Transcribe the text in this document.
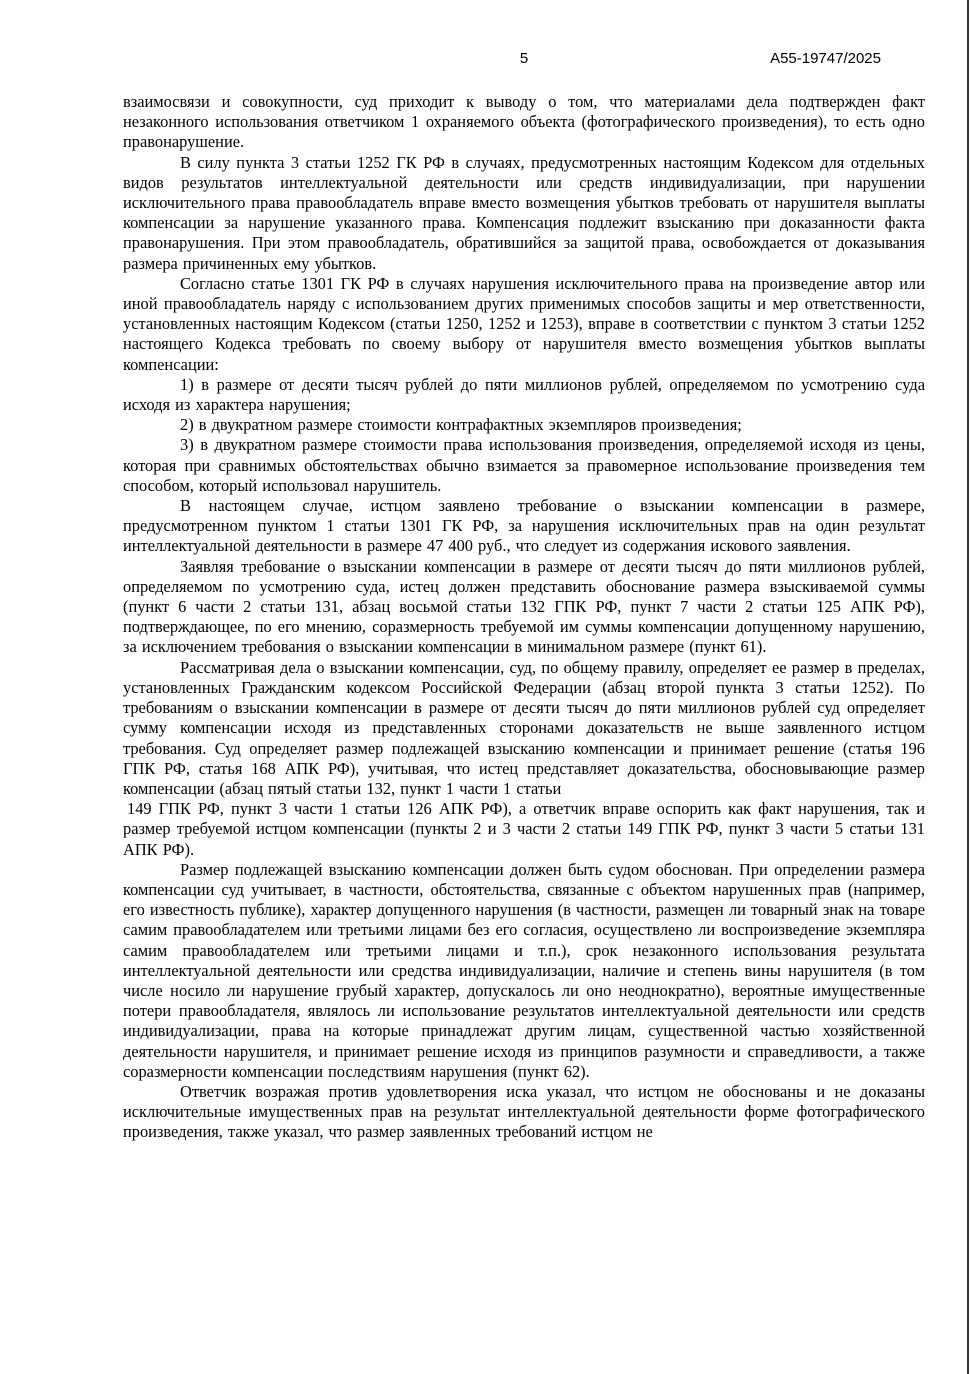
5	А55-19747/2025

взаимосвязи и совокупности, суд приходит к выводу о том, что материалами дела подтвержден факт незаконного использования ответчиком 1 охраняемого объекта (фотографического произведения), то есть одно правонарушение.

В силу пункта 3 статьи 1252 ГК РФ в случаях, предусмотренных настоящим Кодексом для отдельных видов результатов интеллектуальной деятельности или средств индивидуализации, при нарушении исключительного права правообладатель вправе вместо возмещения убытков требовать от нарушителя выплаты компенсации за нарушение указанного права. Компенсация подлежит взысканию при доказанности факта правонарушения. При этом правообладатель, обратившийся за защитой права, освобождается от доказывания размера причиненных ему убытков.

Согласно статье 1301 ГК РФ в случаях нарушения исключительного права на произведение автор или иной правообладатель наряду с использованием других применимых способов защиты и мер ответственности, установленных настоящим Кодексом (статьи 1250, 1252 и 1253), вправе в соответствии с пунктом 3 статьи 1252 настоящего Кодекса требовать по своему выбору от нарушителя вместо возмещения убытков выплаты компенсации:

1) в размере от десяти тысяч рублей до пяти миллионов рублей, определяемом по усмотрению суда исходя из характера нарушения;

2) в двукратном размере стоимости контрафактных экземпляров произведения;

3) в двукратном размере стоимости права использования произведения, определяемой исходя из цены, которая при сравнимых обстоятельствах обычно взимается за правомерное использование произведения тем способом, который использовал нарушитель.

В настоящем случае, истцом заявлено требование о взыскании компенсации в размере, предусмотренном пунктом 1 статьи 1301 ГК РФ, за нарушения исключительных прав на один результат интеллектуальной деятельности в размере 47 400 руб., что следует из содержания искового заявления.

Заявляя требование о взыскании компенсации в размере от десяти тысяч до пяти миллионов рублей, определяемом по усмотрению суда, истец должен представить обоснование размера взыскиваемой суммы (пункт 6 части 2 статьи 131, абзац восьмой статьи 132 ГПК РФ, пункт 7 части 2 статьи 125 АПК РФ), подтверждающее, по его мнению, соразмерность требуемой им суммы компенсации допущенному нарушению, за исключением требования о взыскании компенсации в минимальном размере (пункт 61).

Рассматривая дела о взыскании компенсации, суд, по общему правилу, определяет ее размер в пределах, установленных Гражданским кодексом Российской Федерации (абзац второй пункта 3 статьи 1252). По требованиям о взыскании компенсации в размере от десяти тысяч до пяти миллионов рублей суд определяет сумму компенсации исходя из представленных сторонами доказательств не выше заявленного истцом требования. Суд определяет размер подлежащей взысканию компенсации и принимает решение (статья 196 ГПК РФ, статья 168 АПК РФ), учитывая, что истец представляет доказательства, обосновывающие размер компенсации (абзац пятый статьи 132, пункт 1 части 1 статьи

149 ГПК РФ, пункт 3 части 1 статьи 126 АПК РФ), а ответчик вправе оспорить как факт нарушения, так и размер требуемой истцом компенсации (пункты 2 и 3 части 2 статьи 149 ГПК РФ, пункт 3 части 5 статьи 131 АПК РФ).

Размер подлежащей взысканию компенсации должен быть судом обоснован. При определении размера компенсации суд учитывает, в частности, обстоятельства, связанные с объектом нарушенных прав (например, его известность публике), характер допущенного нарушения (в частности, размещен ли товарный знак на товаре самим правообладателем или третьими лицами без его согласия, осуществлено ли воспроизведение экземпляра самим правообладателем или третьими лицами и т.п.), срок незаконного использования результата интеллектуальной деятельности или средства индивидуализации, наличие и степень вины нарушителя (в том числе носило ли нарушение грубый характер, допускалось ли оно неоднократно), вероятные имущественные потери правообладателя, являлось ли использование результатов интеллектуальной деятельности или средств индивидуализации, права на которые принадлежат другим лицам, существенной частью хозяйственной деятельности нарушителя, и принимает решение исходя из принципов разумности и справедливости, а также соразмерности компенсации последствиям нарушения (пункт 62).

Ответчик возражая против удовлетворения иска указал, что истцом не обоснованы и не доказаны исключительные имущественных прав на результат интеллектуальной деятельности форме фотографического произведения, также указал, что размер заявленных требований истцом не
